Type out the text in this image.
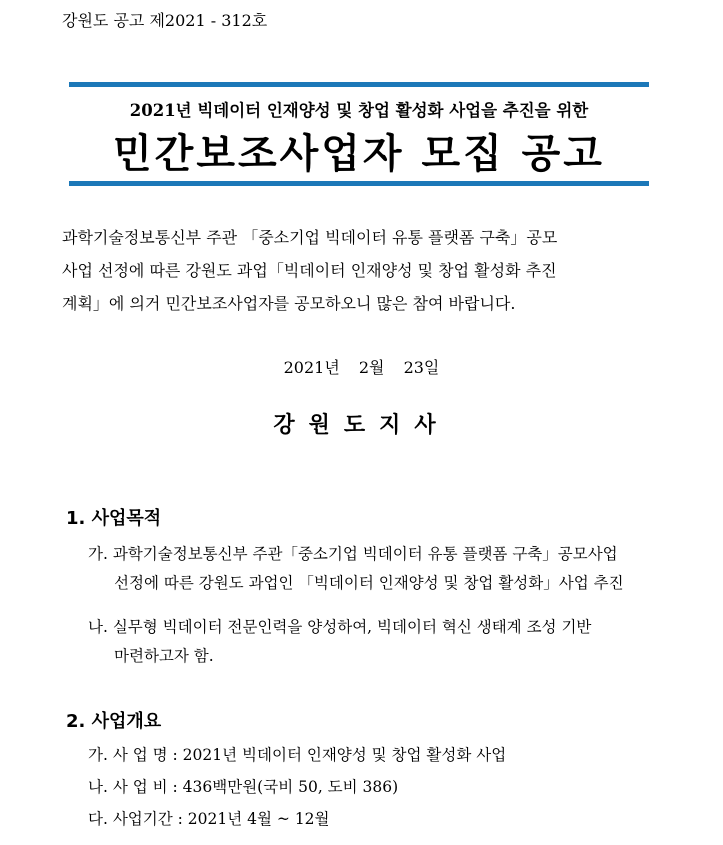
강원도 공고 제2021 - 312호
2021년 빅데이터 인재양성 및 창업 활성화 사업을 추진을 위한
민간보조사업자 모집 공고

과학기술정보통신부 주관 「중소기업 빅데이터 유통 플랫폼 구축」공모

사업 선정에 따른 강원도 과업「빅데이터 인재양성 및 창업 활성화 추진

계획」에 의거 민간보조사업자를 공모하오니 많은 참여 바랍니다.

2021년 2월 23일
강원도지사
1. 사업목적

가. 과학기술정보통신부 주관「중소기업 빅데이터 유통 플랫폼 구축」공모사업

선정에 따른 강원도 과업인 「빅데이터 인재양성 및 창업 활성화」사업 추진

나. 실무형 빅데이터 전문인력을 양성하여, 빅데이터 혁신 생태계 조성 기반

마련하고자 함.

2. 사업개요
가. 사 업 명 : 2021년 빅데이터 인재양성 및 창업 활성화 사업
나. 사 업 비 : 436백만원(국비 50, 도비 386)
다. 사업기간 : 2021년 4월 ~ 12월
